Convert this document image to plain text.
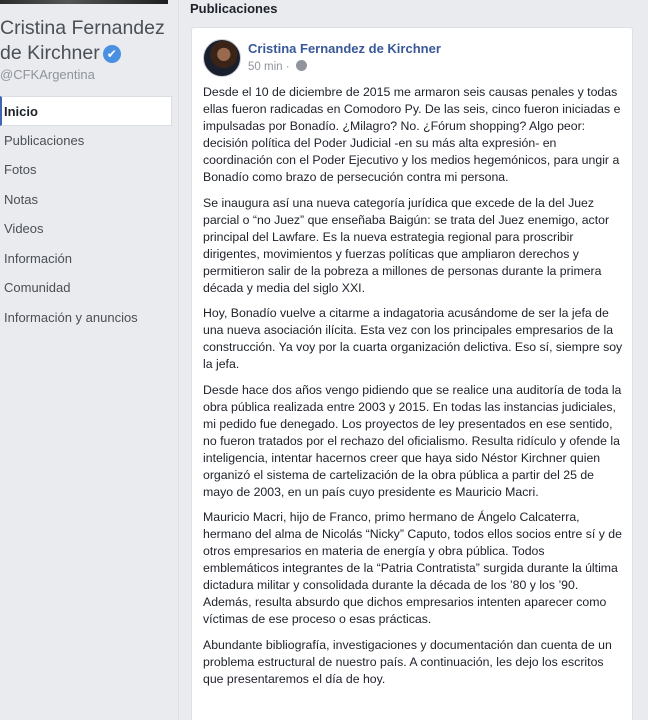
Cristina Fernandez de Kirchner ✔
@CFKArgentina
Inicio
Publicaciones
Fotos
Notas
Videos
Información
Comunidad
Información y anuncios
Publicaciones
Cristina Fernandez de Kirchner
50 min ·

Desde el 10 de diciembre de 2015 me armaron seis causas penales y todas ellas fueron radicadas en Comodoro Py. De las seis, cinco fueron iniciadas e impulsadas por Bonadío. ¿Milagro? No. ¿Fórum shopping? Algo peor: decisión política del Poder Judicial -en su más alta expresión- en coordinación con el Poder Ejecutivo y los medios hegemónicos, para ungir a Bonadío como brazo de persecución contra mi persona.

Se inaugura así una nueva categoría jurídica que excede de la del Juez parcial o “no Juez” que enseñaba Baigún: se trata del Juez enemigo, actor principal del Lawfare. Es la nueva estrategia regional para proscribir dirigentes, movimientos y fuerzas políticas que ampliaron derechos y permitieron salir de la pobreza a millones de personas durante la primera década y media del siglo XXI.

Hoy, Bonadío vuelve a citarme a indagatoria acusándome de ser la jefa de una nueva asociación ilícita. Esta vez con los principales empresarios de la construcción. Ya voy por la cuarta organización delictiva. Eso sí, siempre soy la jefa.

Desde hace dos años vengo pidiendo que se realice una auditoría de toda la obra pública realizada entre 2003 y 2015. En todas las instancias judiciales, mi pedido fue denegado. Los proyectos de ley presentados en ese sentido, no fueron tratados por el rechazo del oficialismo. Resulta ridículo y ofende la inteligencia, intentar hacernos creer que haya sido Néstor Kirchner quien organizó el sistema de cartelización de la obra pública a partir del 25 de mayo de 2003, en un país cuyo presidente es Mauricio Macri.

Mauricio Macri, hijo de Franco, primo hermano de Ángelo Calcaterra, hermano del alma de Nicolás “Nicky” Caputo, todos ellos socios entre sí y de otros empresarios en materia de energía y obra pública. Todos emblemáticos integrantes de la “Patria Contratista” surgida durante la última dictadura militar y consolidada durante la década de los ’80 y los ’90. Además, resulta absurdo que dichos empresarios intenten aparecer como víctimas de ese proceso o esas prácticas.

Abundante bibliografía, investigaciones y documentación dan cuenta de un problema estructural de nuestro país. A continuación, les dejo los escritos que presentaremos el día de hoy.
